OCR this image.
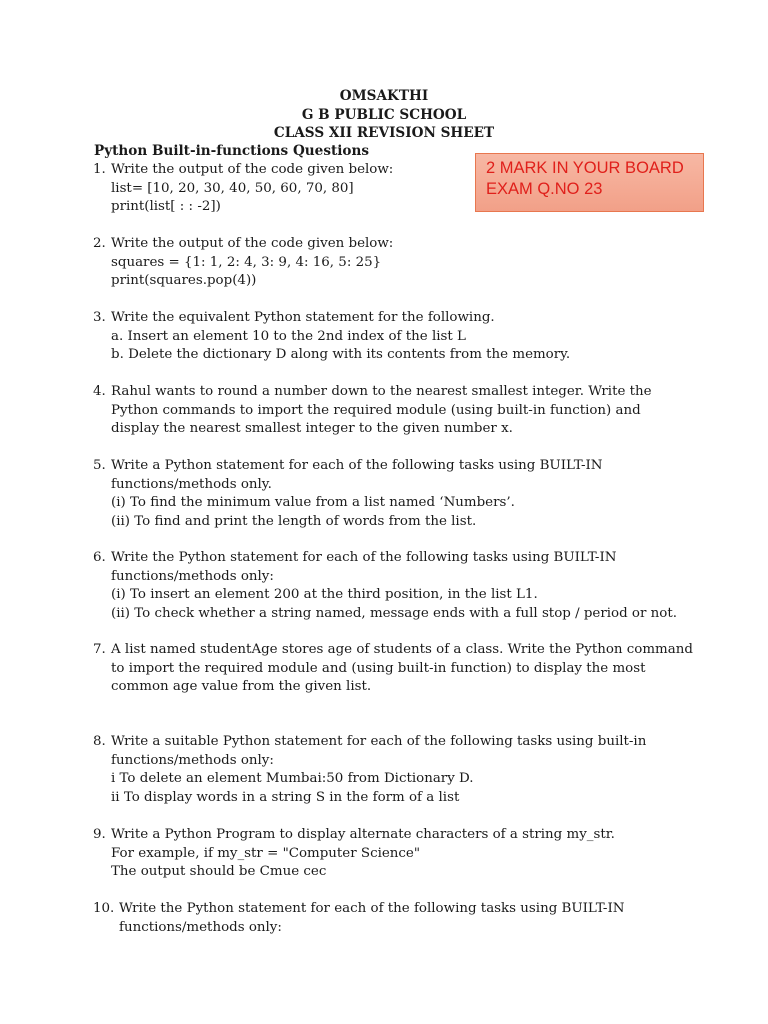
OMSAKTHI
G B PUBLIC SCHOOL
CLASS XII REVISION SHEET
Python Built-in-functions Questions
2 MARK IN YOUR BOARD
EXAM Q.NO 23
1. Write the output of the code given below:
list= [10, 20, 30, 40, 50, 60, 70, 80]
print(list[ : : -2])
2. Write the output of the code given below:
squares = {1: 1, 2: 4, 3: 9, 4: 16, 5: 25}
print(squares.pop(4))
3. Write the equivalent Python statement for the following.
a. Insert an element 10 to the 2nd index of the list L
b. Delete the dictionary D along with its contents from the memory.
4. Rahul wants to round a number down to the nearest smallest integer. Write the
Python commands to import the required module (using built-in function) and
display the nearest smallest integer to the given number x.
5. Write a Python statement for each of the following tasks using BUILT-IN
functions/methods only.
(i) To find the minimum value from a list named ‘Numbers’.
(ii) To find and print the length of words from the list.
6. Write the Python statement for each of the following tasks using BUILT-IN
functions/methods only:
(i) To insert an element 200 at the third position, in the list L1.
(ii) To check whether a string named, message ends with a full stop / period or not.
7. A list named studentAge stores age of students of a class. Write the Python command
to import the required module and (using built-in function) to display the most
common age value from the given list.
8. Write a suitable Python statement for each of the following tasks using built-in
functions/methods only:
i To delete an element Mumbai:50 from Dictionary D.
ii To display words in a string S in the form of a list
9. Write a Python Program to display alternate characters of a string my_str.
For example, if my_str = "Computer Science"
The output should be Cmue cec
10. Write the Python statement for each of the following tasks using BUILT-IN
functions/methods only:
